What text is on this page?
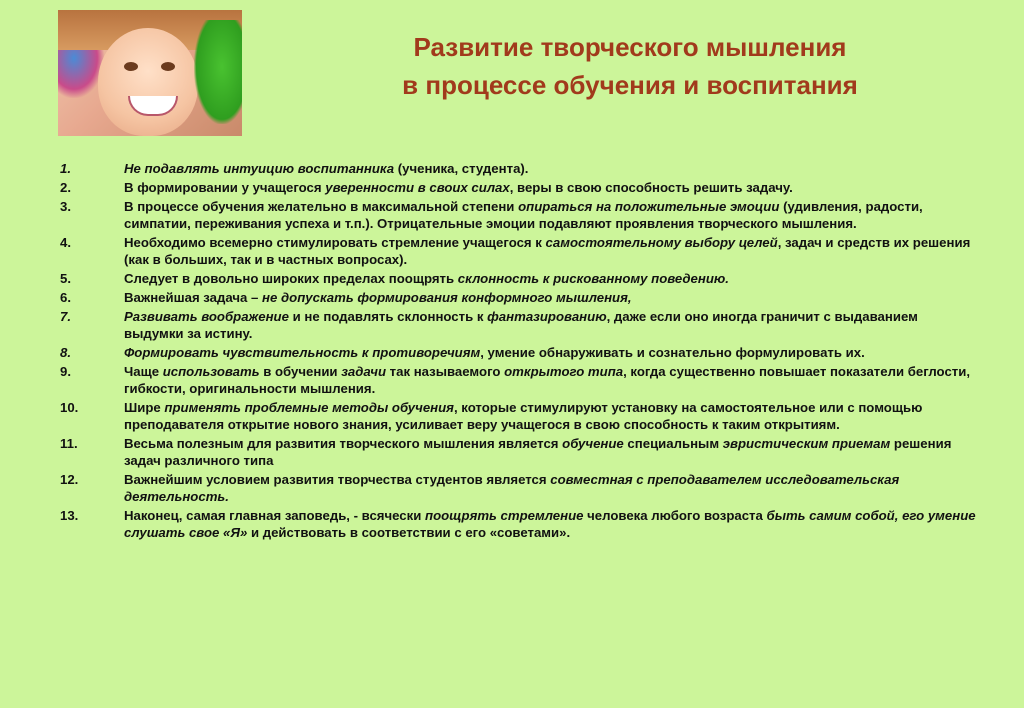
Развитие творческого мышления
в процессе обучения и воспитания
1.	Не подавлять интуицию воспитанника (ученика, студента).
2.	В формировании у учащегося уверенности в своих силах, веры в свою способность решить задачу.
3.	В процессе обучения желательно в максимальной степени опираться на положительные эмоции (удивления, радости, симпатии, переживания успеха и т.п.). Отрицательные эмоции подавляют проявления творческого мышления.
4.	Необходимо всемерно стимулировать стремление учащегося к самостоятельному выбору целей, задач и средств их решения (как в больших, так и в частных вопросах).
5.	Следует в довольно широких пределах поощрять склонность к рискованному поведению.
6.	Важнейшая задача – не допускать формирования конформного мышления,
7.	Развивать воображение и не подавлять склонность к фантазированию, даже если оно иногда граничит с выдаванием выдумки за истину.
8.	Формировать чувствительность к противоречиям, умение обнаруживать и сознательно формулировать их.
9.	Чаще использовать в обучении задачи так называемого открытого типа, когда существенно повышает показатели беглости, гибкости, оригинальности мышления.
10.	Шире применять проблемные методы обучения, которые стимулируют установку на самостоятельное или с помощью преподавателя открытие нового знания, усиливает веру учащегося в свою способность к таким открытиям.
11.	Весьма полезным для развития творческого мышления является обучение специальным эвристическим приемам решения задач различного типа
12.	Важнейшим условием развития творчества студентов является совместная с преподавателем исследовательская деятельность.
13.	Наконец, самая главная заповедь, - всячески поощрять стремление человека любого возраста быть самим собой, его умение слушать свое «Я» и действовать в соответствии с его «советами».
